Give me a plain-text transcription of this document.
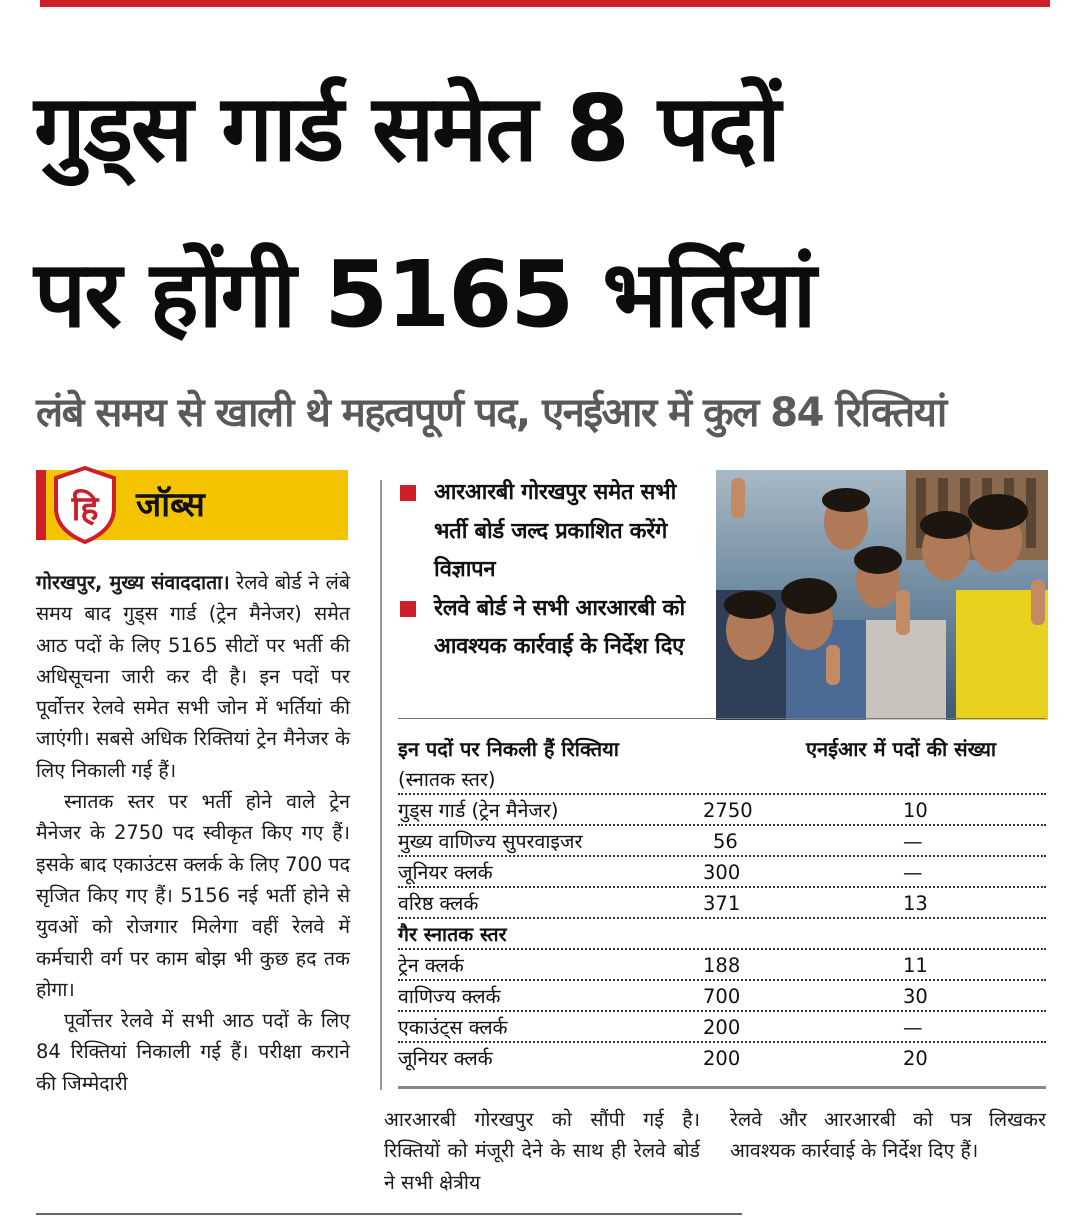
गुड्स गार्ड समेत 8 पदों
पर होंगी 5165 भर्तियां
लंबे समय से खाली थे महत्वपूर्ण पद, एनईआर में कुल 84 रिक्तियां
हि जॉब्स

गोरखपुर, मुख्य संवाददाता। रेलवे बोर्ड ने लंबे समय बाद गुड्स गार्ड (ट्रेन मैनेजर) समेत आठ पदों के लिए 5165 सीटों पर भर्ती की अधिसूचना जारी कर दी है। इन पदों पर पूर्वोत्तर रेलवे समेत सभी जोन में भर्तियां की जाएंगी। सबसे अधिक रिक्तियां ट्रेन मैनेजर के लिए निकाली गई हैं।

स्नातक स्तर पर भर्ती होने वाले ट्रेन मैनेजर के 2750 पद स्वीकृत किए गए हैं। इसके बाद एकाउंटस क्लर्क के लिए 700 पद सृजित किए गए हैं। 5156 नई भर्ती होने से युवओं को रोजगार मिलेगा वहीं रेलवे में कर्मचारी वर्ग पर काम बोझ भी कुछ हद तक होगा।

पूर्वोत्तर रेलवे में सभी आठ पदों के लिए 84 रिक्तियां निकाली गई हैं। परीक्षा कराने की जिम्मेदारी

आरआरबी गोरखपुर समेत सभी भर्ती बोर्ड जल्द प्रकाशित करेंगे विज्ञापन
रेलवे बोर्ड ने सभी आरआरबी को आवश्यक कार्रवाई के निर्देश दिए
इन पदों पर निकली हैं रिक्तिया	एनईआर में पदों की संख्या
(स्नातक स्तर)
गुड्स गार्ड (ट्रेन मैनेजर)	2750	10
मुख्य वाणिज्य सुपरवाइजर	56	—
जूनियर क्लर्क	300	—
वरिष्ठ क्लर्क	371	13
गैर स्नातक स्तर
ट्रेन क्लर्क	188	11
वाणिज्य क्लर्क	700	30
एकाउंट्स क्लर्क	200	—
जूनियर क्लर्क	200	20

आरआरबी गोरखपुर को सौंपी गई है। रिक्तियों को मंजूरी देने के साथ ही रेलवे बोर्ड ने सभी क्षेत्रीय

रेलवे और आरआरबी को पत्र लिखकर आवश्यक कार्रवाई के निर्देश दिए हैं।
